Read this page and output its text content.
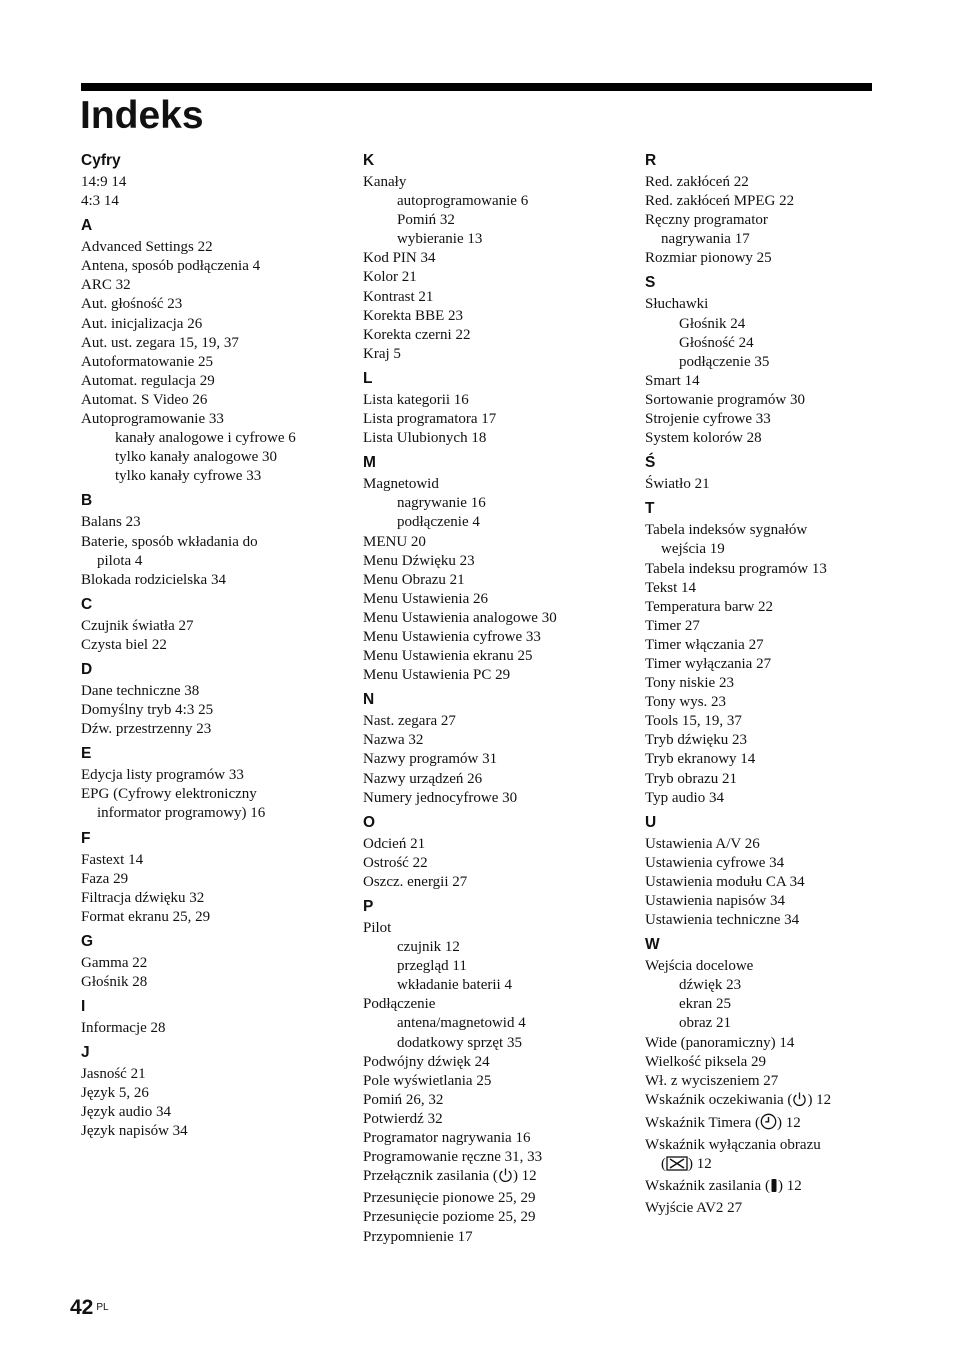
Indeks
Cyfry
14:9 14
4:3 14
A
Advanced Settings 22
Antena, sposób podłączenia 4
ARC 32
Aut. głośność 23
Aut. inicjalizacja 26
Aut. ust. zegara 15, 19, 37
Autoformatowanie 25
Automat. regulacja 29
Automat. S Video 26
Autoprogramowanie 33
kanały analogowe i cyfrowe 6
tylko kanały analogowe 30
tylko kanały cyfrowe 33
B
Balans 23
Baterie, sposób wkładania do
pilota 4
Blokada rodzicielska 34
C
Czujnik światła 27
Czysta biel 22
D
Dane techniczne 38
Domyślny tryb 4:3 25
Dźw. przestrzenny 23
E
Edycja listy programów 33
EPG (Cyfrowy elektroniczny
informator programowy) 16
F
Fastext 14
Faza 29
Filtracja dźwięku 32
Format ekranu 25, 29
G
Gamma 22
Głośnik 28
I
Informacje 28
J
Jasność 21
Język 5, 26
Język audio 34
Język napisów 34
K
Kanały
autoprogramowanie 6
Pomiń 32
wybieranie 13
Kod PIN 34
Kolor 21
Kontrast 21
Korekta BBE 23
Korekta czerni 22
Kraj 5
L
Lista kategorii 16
Lista programatora 17
Lista Ulubionych 18
M
Magnetowid
nagrywanie 16
podłączenie 4
MENU 20
Menu Dźwięku 23
Menu Obrazu 21
Menu Ustawienia 26
Menu Ustawienia analogowe 30
Menu Ustawienia cyfrowe 33
Menu Ustawienia ekranu 25
Menu Ustawienia PC 29
N
Nast. zegara 27
Nazwa 32
Nazwy programów 31
Nazwy urządzeń 26
Numery jednocyfrowe 30
O
Odcień 21
Ostrość 22
Oszcz. energii 27
P
Pilot
czujnik 12
przegląd 11
wkładanie baterii 4
Podłączenie
antena/magnetowid 4
dodatkowy sprzęt 35
Podwójny dźwięk 24
Pole wyświetlania 25
Pomiń 26, 32
Potwierdź 32
Programator nagrywania 16
Programowanie ręczne 31, 33
Przełącznik zasilania ( ) 12
Przesunięcie pionowe 25, 29
Przesunięcie poziome 25, 29
Przypomnienie 17
R
Red. zakłóceń 22
Red. zakłóceń MPEG 22
Ręczny programator
nagrywania 17
Rozmiar pionowy 25
S
Słuchawki
Głośnik 24
Głośność 24
podłączenie 35
Smart 14
Sortowanie programów 30
Strojenie cyfrowe 33
System kolorów 28
Ś
Światło 21
T
Tabela indeksów sygnałów
wejścia 19
Tabela indeksu programów 13
Tekst 14
Temperatura barw 22
Timer 27
Timer włączania 27
Timer wyłączania 27
Tony niskie 23
Tony wys. 23
Tools 15, 19, 37
Tryb dźwięku 23
Tryb ekranowy 14
Tryb obrazu 21
Typ audio 34
U
Ustawienia A/V 26
Ustawienia cyfrowe 34
Ustawienia modułu CA 34
Ustawienia napisów 34
Ustawienia techniczne 34
W
Wejścia docelowe
dźwięk 23
ekran 25
obraz 21
Wide (panoramiczny) 14
Wielkość piksela 29
Wł. z wyciszeniem 27
Wskaźnik oczekiwania ( ) 12
Wskaźnik Timera ( ) 12
Wskaźnik wyłączania obrazu
( ) 12
Wskaźnik zasilania ( ) 12
Wyjście AV2 27
42 $^{PL}$
